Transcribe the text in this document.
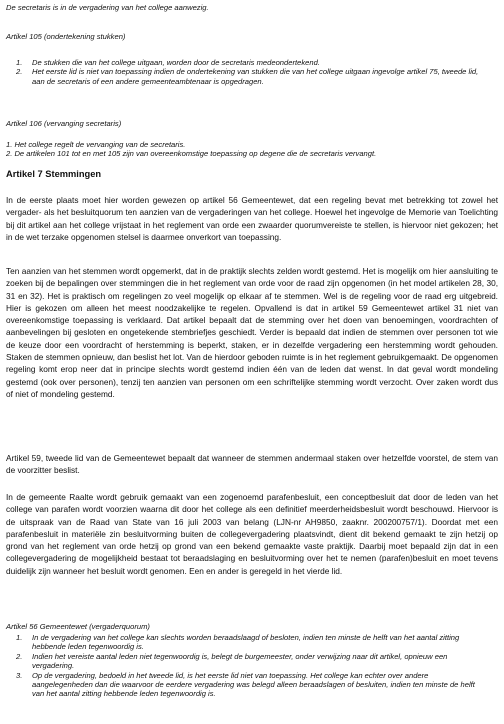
De secretaris is in de vergadering van het college aanwezig.
Artikel 105 (ondertekening stukken)
1. De stukken die van het college uitgaan, worden door de secretaris medeondertekend.
2. Het eerste lid is niet van toepassing indien de ondertekening van stukken die van het college uitgaan ingevolge artikel 75, tweede lid, aan de secretaris of een andere gemeenteambtenaar is opgedragen.
Artikel 106 (vervanging secretaris)
1. Het college regelt de vervanging van de secretaris.
2. De artikelen 101 tot en met 105 zijn van overeenkomstige toepassing op degene die de secretaris vervangt.
Artikel 7 Stemmingen

In de eerste plaats moet hier worden gewezen op artikel 56 Gemeentewet, dat een regeling bevat met betrekking tot zowel het vergader- als het besluitquorum ten aanzien van de vergaderingen van het college. Hoewel het ingevolge de Memorie van Toelichting bij dit artikel aan het college vrijstaat in het reglement van orde een zwaarder quorumvereiste te stellen, is hiervoor niet gekozen; het in de wet terzake opgenomen stelsel is daarmee onverkort van toepassing.

Ten aanzien van het stemmen wordt opgemerkt, dat in de praktijk slechts zelden wordt gestemd. Het is mogelijk om hier aansluiting te zoeken bij de bepalingen over stemmingen die in het reglement van orde voor de raad zijn opgenomen (in het model artikelen 28, 30, 31 en 32). Het is praktisch om regelingen zo veel mogelijk op elkaar af te stemmen. Wel is de regeling voor de raad erg uitgebreid. Hier is gekozen om alleen het meest noodzakelijke te regelen. Opvallend is dat in artikel 59 Gemeentewet artikel 31 niet van overeenkomstige toepassing is verklaard. Dat artikel bepaalt dat de stemming over het doen van benoemingen, voordrachten of aanbevelingen bij gesloten en ongetekende stembriefjes geschiedt. Verder is bepaald dat indien de stemmen over personen tot wie de keuze door een voordracht of herstemming is beperkt, staken, er in dezelfde vergadering een herstemming wordt gehouden. Staken de stemmen opnieuw, dan beslist het lot. Van de hierdoor geboden ruimte is in het reglement gebruikgemaakt. De opgenomen regeling komt erop neer dat in principe slechts wordt gestemd indien één van de leden dat wenst. In dat geval wordt mondeling gestemd (ook over personen), tenzij ten aanzien van personen om een schriftelijke stemming wordt verzocht. Over zaken wordt dus of niet of mondeling gestemd.

Artikel 59, tweede lid van de Gemeentewet bepaalt dat wanneer de stemmen andermaal staken over hetzelfde voorstel, de stem van de voorzitter beslist.

In de gemeente Raalte wordt gebruik gemaakt van een zogenoemd parafenbesluit, een conceptbesluit dat door de leden van het college van parafen wordt voorzien waarna dit door het college als een definitief meerderheidsbesluit wordt beschouwd. Hiervoor is de uitspraak van de Raad van State van 16 juli 2003 van belang (LJN-nr AH9850, zaaknr. 200200757/1). Doordat met een parafenbesluit in materiële zin besluitvorming buiten de collegevergadering plaatsvindt, dient dit bekend gemaakt te zijn hetzij op grond van het reglement van orde hetzij op grond van een bekend gemaakte vaste praktijk. Daarbij moet bepaald zijn dat in een collegevergadering de mogelijkheid bestaat tot beraadslaging en besluitvorming over het te nemen (parafen)besluit en moet tevens duidelijk zijn wanneer het besluit wordt genomen. Een en ander is geregeld in het vierde lid.

Artikel 56 Gemeentewet (vergaderquorum)
1. In de vergadering van het college kan slechts worden beraadslaagd of besloten, indien ten minste de helft van het aantal zitting hebbende leden tegenwoordig is.
2. Indien het vereiste aantal leden niet tegenwoordig is, belegt de burgemeester, onder verwijzing naar dit artikel, opnieuw een vergadering.
3. Op de vergadering, bedoeld in het tweede lid, is het eerste lid niet van toepassing. Het college kan echter over andere aangelegenheden dan die waarvoor de eerdere vergadering was belegd alleen beraadslagen of besluiten, indien ten minste de helft van het aantal zitting hebbende leden tegenwoordig is.
